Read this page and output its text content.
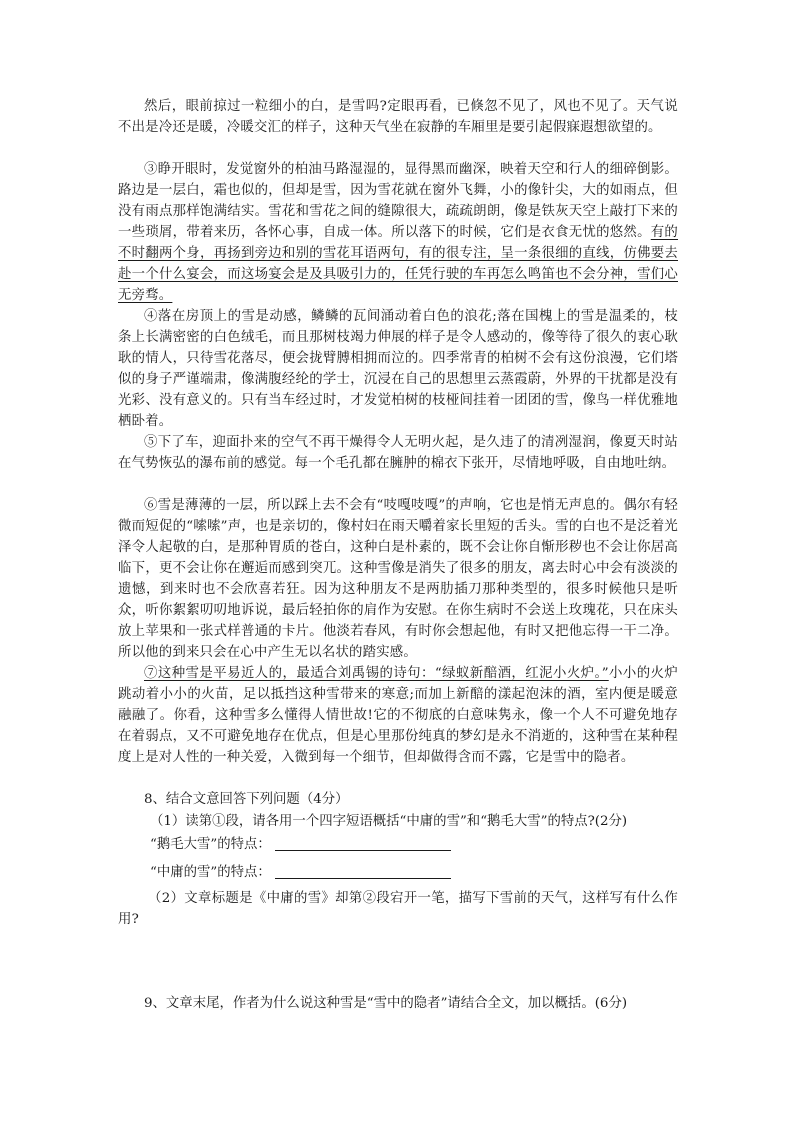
然后，眼前掠过一粒细小的白，是雪吗?定眼再看，已倏忽不见了，风也不见了。天气说不出是冷还是暖，冷暖交汇的样子，这种天气坐在寂静的车厢里是要引起假寐遐想欲望的。

③睁开眼时，发觉窗外的柏油马路湿湿的，显得黑而幽深，映着天空和行人的细碎倒影。路边是一层白，霜也似的，但却是雪，因为雪花就在窗外飞舞，小的像针尖，大的如雨点，但没有雨点那样饱满结实。雪花和雪花之间的缝隙很大，疏疏朗朗，像是铁灰天空上敲打下来的一些琐屑，带着来历，各怀心事，自成一体。所以落下的时候，它们是衣食无忧的悠然。有的不时翻两个身，再扬到旁边和别的雪花耳语两句，有的很专注，呈一条很细的直线，仿佛要去赴一个什么宴会，而这场宴会是及具吸引力的，任凭行驶的车再怎么鸣笛也不会分神，雪们心无旁骛。

④落在房顶上的雪是动感，鳞鳞的瓦间涌动着白色的浪花;落在国槐上的雪是温柔的，枝条上长满密密的白色绒毛，而且那树枝竭力伸展的样子是令人感动的，像等待了很久的衷心耿耿的情人，只待雪花落尽，便会拢臂膊相拥而泣的。四季常青的柏树不会有这份浪漫，它们塔似的身子严谨端肃，像满腹经纶的学士，沉浸在自己的思想里云蒸霞蔚，外界的干扰都是没有光彩、没有意义的。只有当车经过时，才发觉柏树的枝桠间挂着一团团的雪，像鸟一样优雅地栖卧着。

⑤下了车，迎面扑来的空气不再干燥得令人无明火起，是久违了的清冽湿润，像夏天时站在气势恢弘的瀑布前的感觉。每一个毛孔都在臃肿的棉衣下张开，尽情地呼吸，自由地吐纳。

⑥雪是薄薄的一层，所以踩上去不会有“吱嘎吱嘎”的声响，它也是悄无声息的。偶尔有轻微而短促的“嗦嗦”声，也是亲切的，像村妇在雨天嚼着家长里短的舌头。雪的白也不是泛着光泽令人起敬的白，是那种胃质的苍白，这种白是朴素的，既不会让你自惭形秽也不会让你居高临下，更不会让你在邂逅而感到突兀。这种雪像是消失了很多的朋友，离去时心中会有淡淡的遗憾，到来时也不会欣喜若狂。因为这种朋友不是两肋插刀那种类型的，很多时候他只是听众，听你絮絮叨叨地诉说，最后轻拍你的肩作为安慰。在你生病时不会送上玫瑰花，只在床头放上苹果和一张式样普通的卡片。他淡若春风，有时你会想起他，有时又把他忘得一干二净。所以他的到来只会在心中产生无以名状的踏实感。

⑦这种雪是平易近人的，最适合刘禹锡的诗句：“绿蚁新醅酒，红泥小火炉。”小小的火炉跳动着小小的火苗，足以抵挡这种雪带来的寒意;而加上新醅的漾起泡沫的酒，室内便是暖意融融了。你看，这种雪多么懂得人情世故!它的不彻底的白意味隽永，像一个人不可避免地存在着弱点，又不可避免地存在优点，但是心里那份纯真的梦幻是永不消逝的，这种雪在某种程度上是对人性的一种关爱，入微到每一个细节，但却做得含而不露，它是雪中的隐者。

8、结合文意回答下列问题（4分）

（1）读第①段，请各用一个四字短语概括“中庸的雪”和“鹅毛大雪”的特点?(2分)

“鹅毛大雪”的特点：

“中庸的雪”的特点：

（2）文章标题是《中庸的雪》却第②段宕开一笔，描写下雪前的天气，这样写有什么作用?

9、文章末尾，作者为什么说这种雪是“雪中的隐者”请结合全文，加以概括。(6分)
